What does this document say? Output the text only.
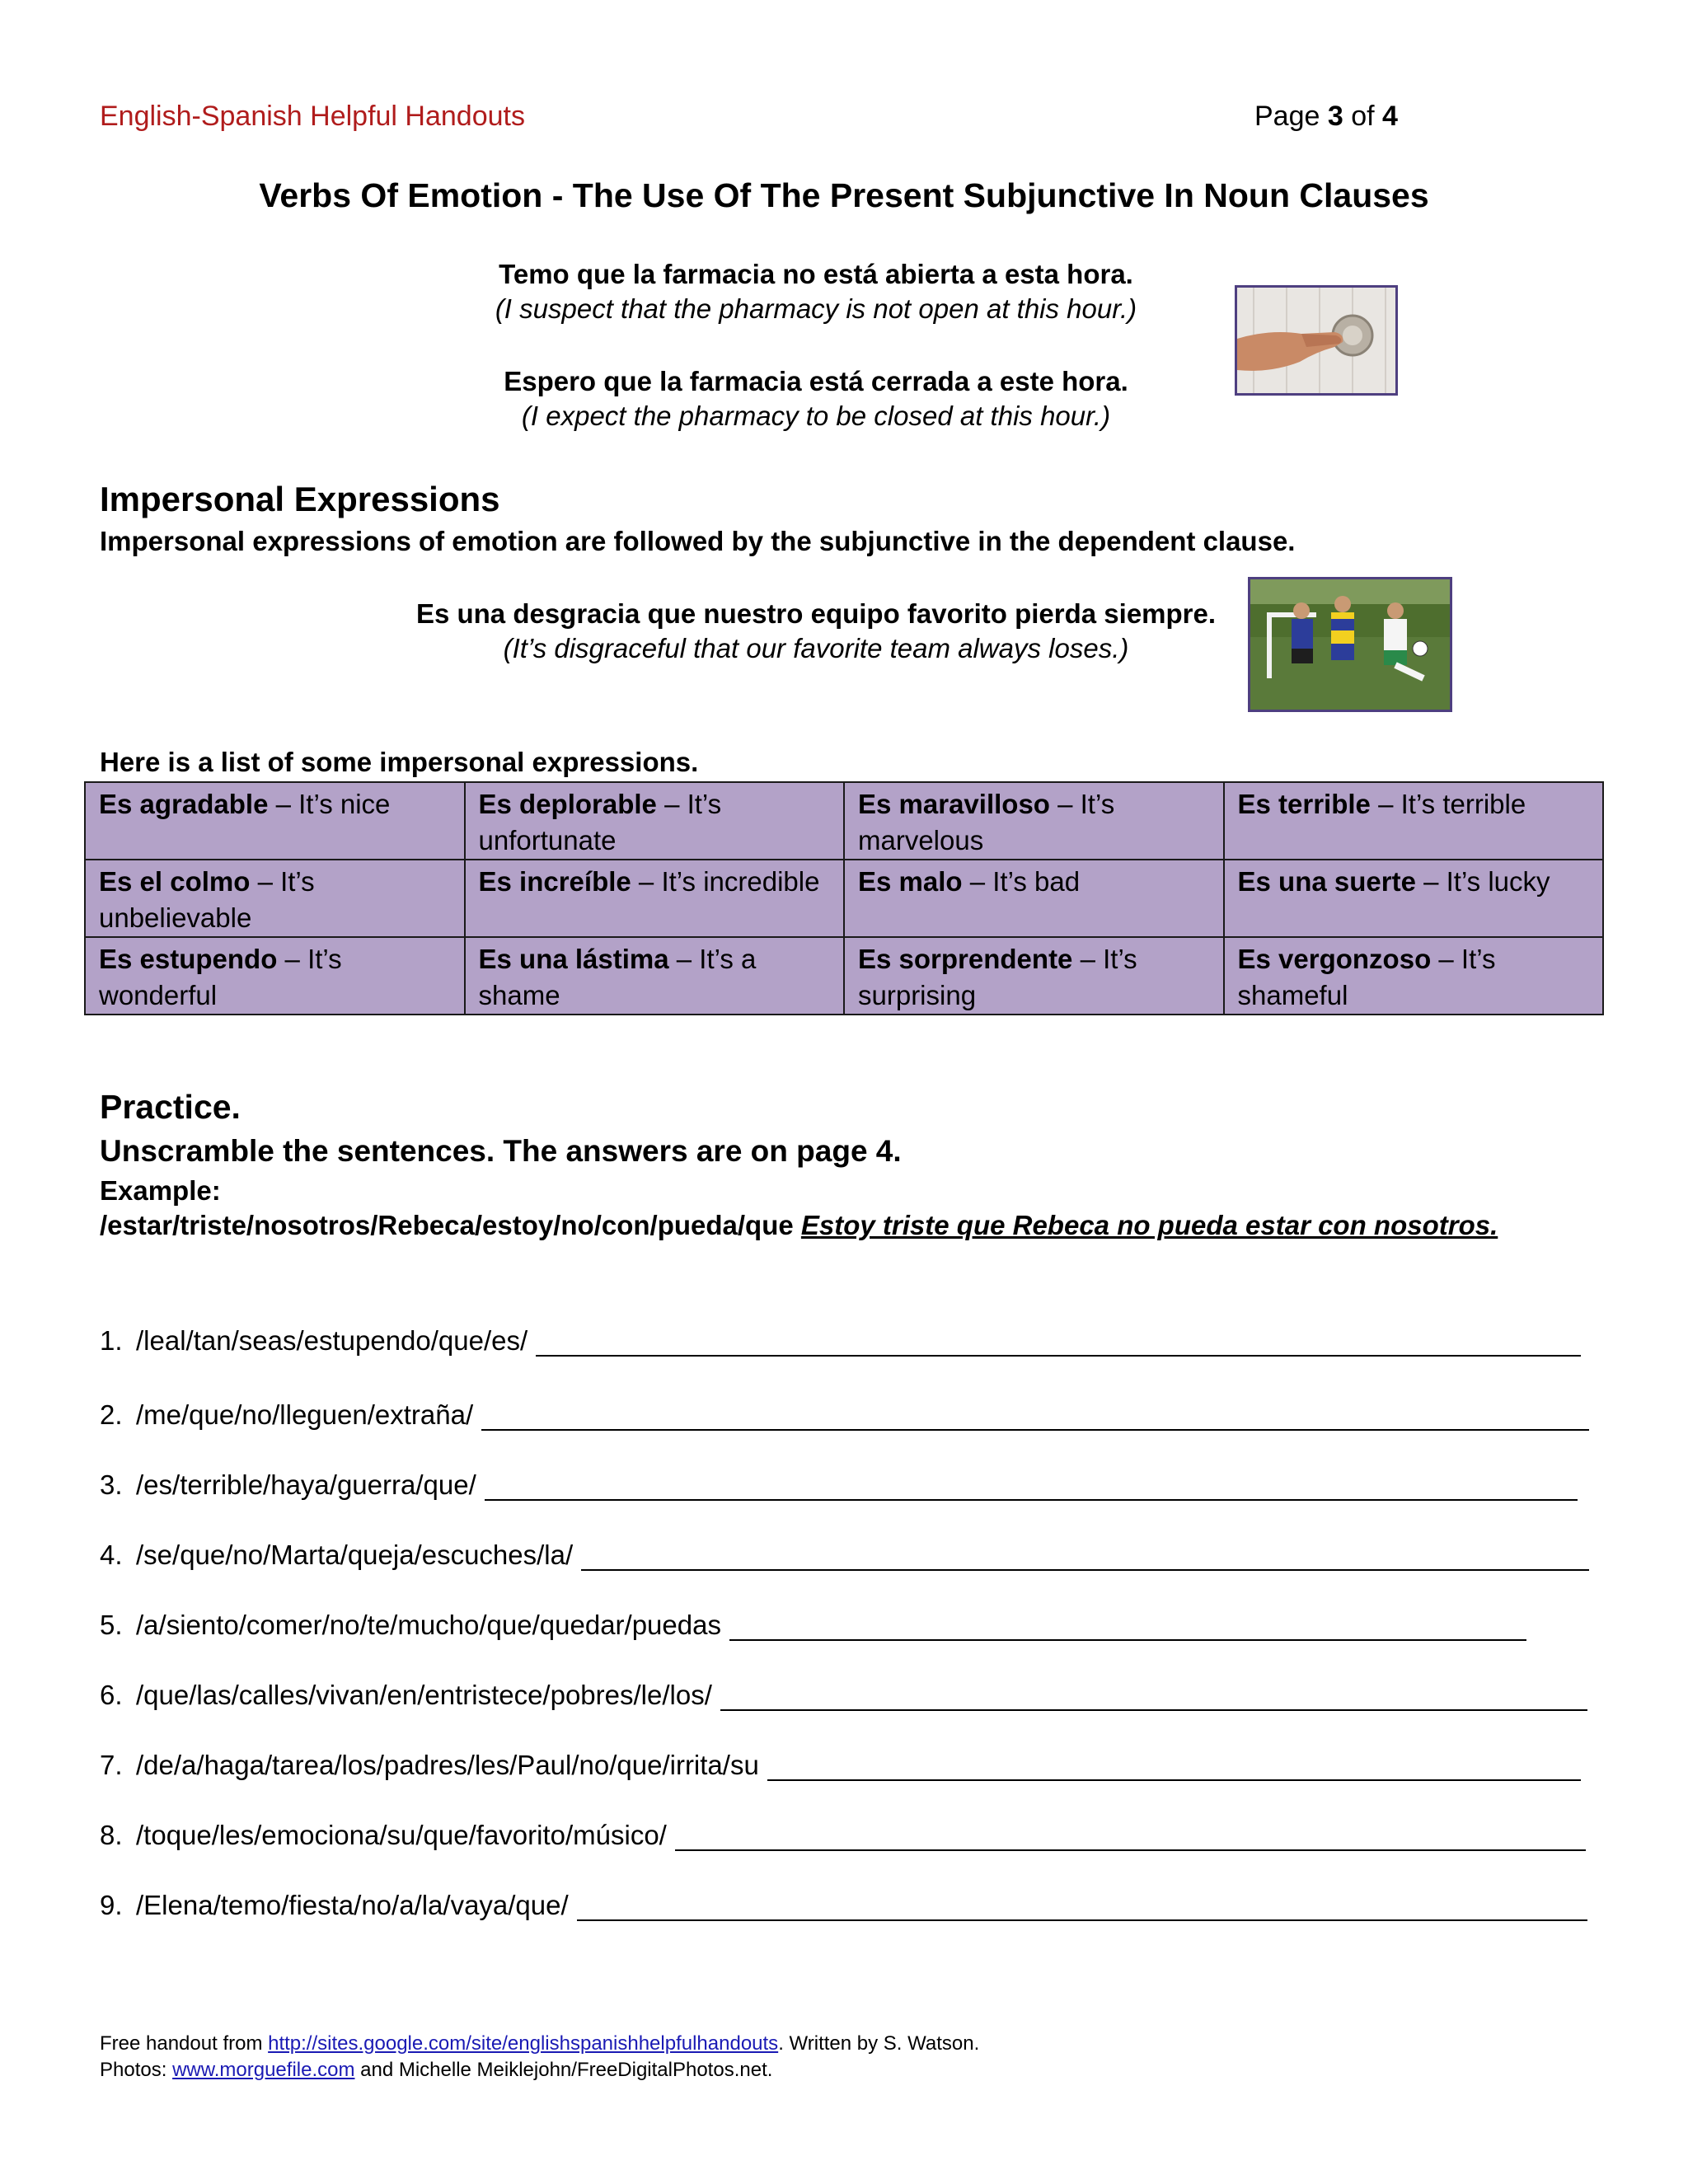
English-Spanish Helpful Handouts	Page 3 of 4
Verbs Of Emotion - The Use Of The Present Subjunctive In Noun Clauses
Temo que la farmacia no está abierta a esta hora.
(I suspect that the pharmacy is not open at this hour.)
Espero que la farmacia está cerrada a este hora.
(I expect the pharmacy to be closed at this hour.)
Impersonal Expressions
Impersonal expressions of emotion are followed by the subjunctive in the dependent clause.
Es una desgracia que nuestro equipo favorito pierda siempre.
(It’s disgraceful that our favorite team always loses.)
Here is a list of some impersonal expressions.
Es agradable – It’s nice	Es deplorable – It’s unfortunate	Es maravilloso – It’s marvelous	Es terrible – It’s terrible
Es el colmo – It’s unbelievable	Es increíble – It’s incredible	Es malo – It’s bad	Es una suerte – It’s lucky
Es estupendo – It’s wonderful	Es una lástima – It’s a shame	Es sorprendente – It’s surprising	Es vergonzoso – It’s shameful
Practice.
Unscramble the sentences. The answers are on page 4.
Example:
/estar/triste/nosotros/Rebeca/estoy/no/con/pueda/que Estoy triste que Rebeca no pueda estar con nosotros.
1. /leal/tan/seas/estupendo/que/es/
2. /me/que/no/lleguen/extraña/
3. /es/terrible/haya/guerra/que/
4. /se/que/no/Marta/queja/escuches/la/
5. /a/siento/comer/no/te/mucho/que/quedar/puedas
6. /que/las/calles/vivan/en/entristece/pobres/le/los/
7. /de/a/haga/tarea/los/padres/les/Paul/no/que/irrita/su
8. /toque/les/emociona/su/que/favorito/músico/
9. /Elena/temo/fiesta/no/a/la/vaya/que/
Free handout from http://sites.google.com/site/englishspanishhelpfulhandouts. Written by S. Watson.
Photos: www.morguefile.com and Michelle Meiklejohn/FreeDigitalPhotos.net.
